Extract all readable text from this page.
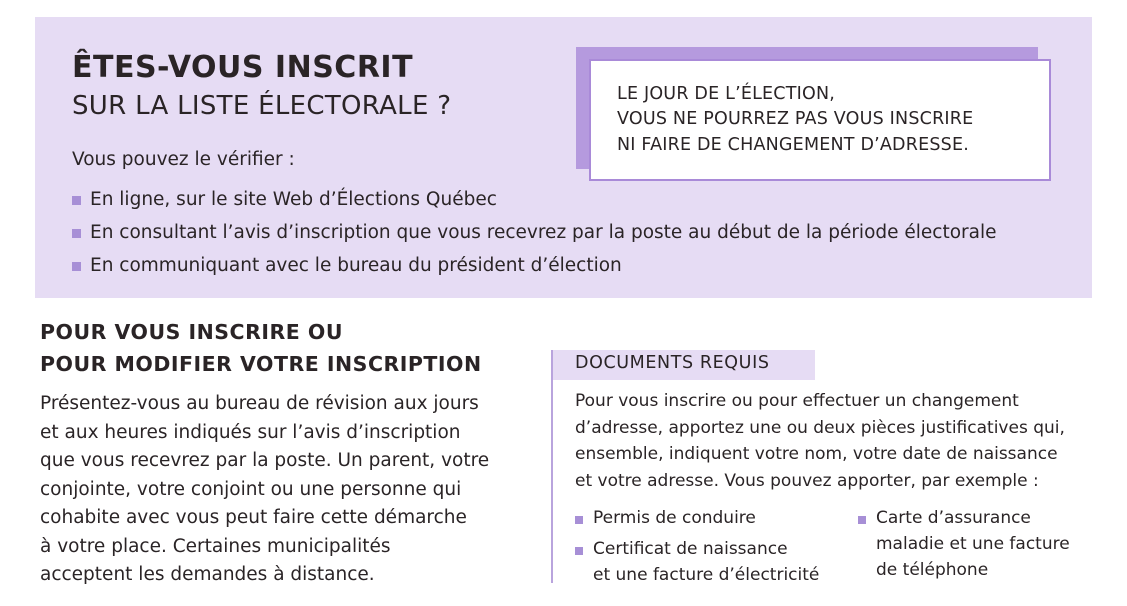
ÊTES-VOUS INSCRIT
SUR LA LISTE ÉLECTORALE ?
Vous pouvez le vérifier :
En ligne, sur le site Web d’Élections Québec
En consultant l’avis d’inscription que vous recevrez par la poste au début de la période électorale
En communiquant avec le bureau du président d’élection
LE JOUR DE L’ÉLECTION,
VOUS NE POURREZ PAS VOUS INSCRIRE
NI FAIRE DE CHANGEMENT D’ADRESSE.
POUR VOUS INSCRIRE OU
POUR MODIFIER VOTRE INSCRIPTION
Présentez-vous au bureau de révision aux jours
et aux heures indiqués sur l’avis d’inscription
que vous recevrez par la poste. Un parent, votre
conjointe, votre conjoint ou une personne qui
cohabite avec vous peut faire cette démarche
à votre place. Certaines municipalités
acceptent les demandes à distance.
DOCUMENTS REQUIS
Pour vous inscrire ou pour effectuer un changement
d’adresse, apportez une ou deux pièces justificatives qui,
ensemble, indiquent votre nom, votre date de naissance
et votre adresse. Vous pouvez apporter, par exemple :
Permis de conduire
Certificat de naissance
et une facture d’électricité
Carte d’assurance
maladie et une facture
de téléphone
